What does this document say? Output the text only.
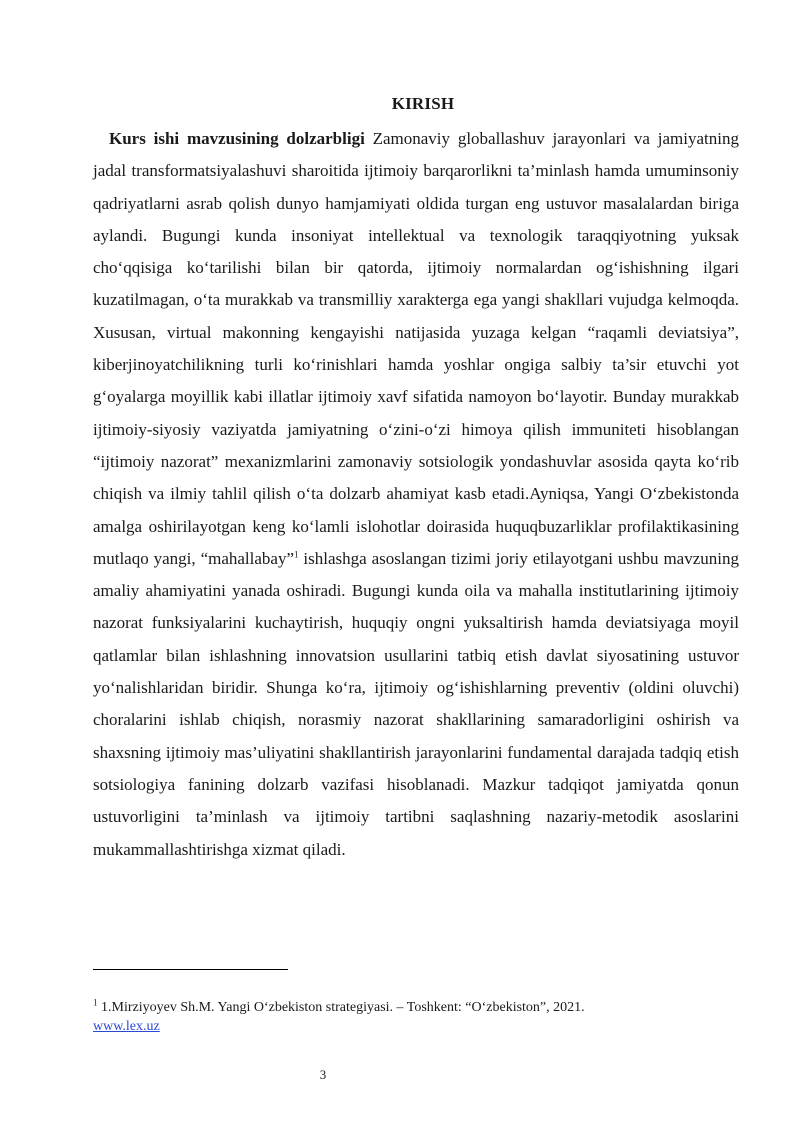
KIRISH

Kurs ishi mavzusining dolzarbligi Zamonaviy globallashuv jarayonlari va jamiyatning jadal transformatsiyalashuvi sharoitida ijtimoiy barqarorlikni ta’minlash hamda umuminsoniy qadriyatlarni asrab qolish dunyo hamjamiyati oldida turgan eng ustuvor masalalardan biriga aylandi. Bugungi kunda insoniyat intellektual va texnologik taraqqiyotning yuksak cho‘qqisiga ko‘tarilishi bilan bir qatorda, ijtimoiy normalardan og‘ishishning ilgari kuzatilmagan, o‘ta murakkab va transmilliy xarakterga ega yangi shakllari vujudga kelmoqda. Xususan, virtual makonning kengayishi natijasida yuzaga kelgan “raqamli deviatsiya”, kiberjinoyatchilikning turli ko‘rinishlari hamda yoshlar ongiga salbiy ta’sir etuvchi yot g‘oyalarga moyillik kabi illatlar ijtimoiy xavf sifatida namoyon bo‘layotir. Bunday murakkab ijtimoiy-siyosiy vaziyatda jamiyatning o‘zini-o‘zi himoya qilish immuniteti hisoblangan “ijtimoiy nazorat” mexanizmlarini zamonaviy sotsiologik yondashuvlar asosida qayta ko‘rib chiqish va ilmiy tahlil qilish o‘ta dolzarb ahamiyat kasb etadi.Ayniqsa, Yangi O‘zbekistonda amalga oshirilayotgan keng ko‘lamli islohotlar doirasida huquqbuzarliklar profilaktikasining mutlaqo yangi, “mahallabay”$^1$ ishlashga asoslangan tizimi joriy etilayotgani ushbu mavzuning amaliy ahamiyatini yanada oshiradi. Bugungi kunda oila va mahalla institutlarining ijtimoiy nazorat funksiyalarini kuchaytirish, huquqiy ongni yuksaltirish hamda deviatsiyaga moyil qatlamlar bilan ishlashning innovatsion usullarini tatbiq etish davlat siyosatining ustuvor yo‘nalishlaridan biridir. Shunga ko‘ra, ijtimoiy og‘ishishlarning preventiv (oldini oluvchi) choralarini ishlab chiqish, norasmiy nazorat shakllarining samaradorligini oshirish va shaxsning ijtimoiy mas’uliyatini shakllantirish jarayonlarini fundamental darajada tadqiq etish sotsiologiya fanining dolzarb vazifasi hisoblanadi. Mazkur tadqiqot jamiyatda qonun ustuvorligini ta’minlash va ijtimoiy tartibni saqlashning nazariy-metodik asoslarini mukammallashtirishga xizmat qiladi.

$^1$ 1.Mirziyoyev Sh.M. Yangi O‘zbekiston strategiyasi. – Toshkent: “O‘zbekiston”, 2021.
www.lex.uz

3
